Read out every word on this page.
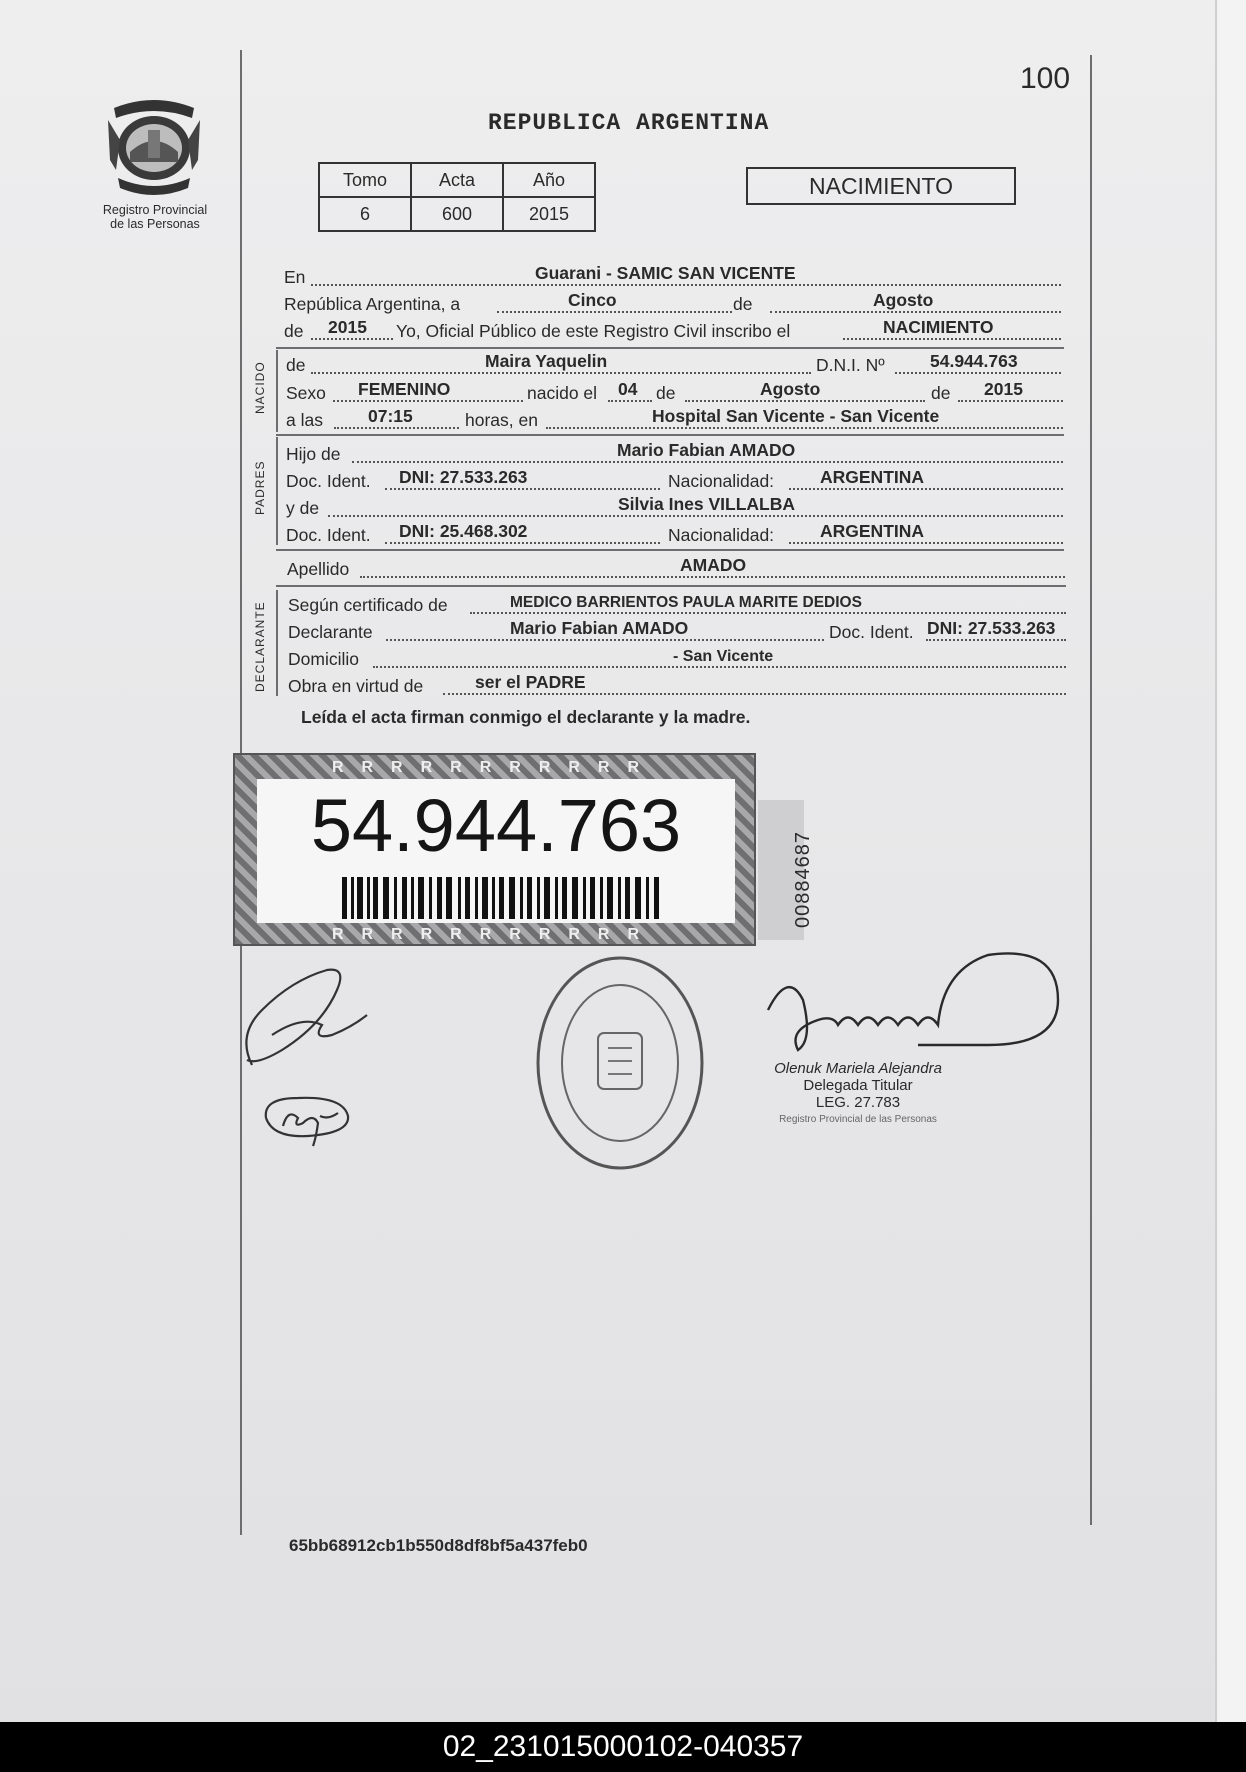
100
Registro Provincial
de las Personas
REPUBLICA ARGENTINA
Tomo	Acta	Año
6	600	2015
NACIMIENTO
En	Guarani - SAMIC SAN VICENTE
República Argentina, a	Cinco	de	Agosto
de 2015 Yo, Oficial Público de este Registro Civil inscribo el	NACIMIENTO
NACIDO de	Maira Yaquelin	D.N.I. Nº	54.944.763
Sexo FEMENINO	nacido el 04 de	Agosto	de 2015
a las	07:15	horas, en	Hospital San Vicente - San Vicente
PADRES
Hijo de	Mario Fabian AMADO
Doc. Ident. DNI: 27.533.263	Nacionalidad:	ARGENTINA
y de	Silvia Ines VILLALBA
Doc. Ident. DNI: 25.468.302	Nacionalidad:	ARGENTINA
Apellido	AMADO
DECLARANTE Según certificado de	MEDICO BARRIENTOS PAULA MARITE DEDIOS
Declarante	Mario Fabian AMADO	Doc. Ident. DNI: 27.533.263
Domicilio	- San Vicente
Obra en virtud de	ser el PADRE
Leída el acta firman conmigo el declarante y la madre.
RRRRRRRRRRR
RRRRRRRRRRR
54.944.763
00884687
Olenuk Mariela Alejandra
Delegada Titular
LEG. 27.783
Registro Provincial de las Personas
65bb68912cb1b550d8df8bf5a437feb0
02_231015000102-040357
